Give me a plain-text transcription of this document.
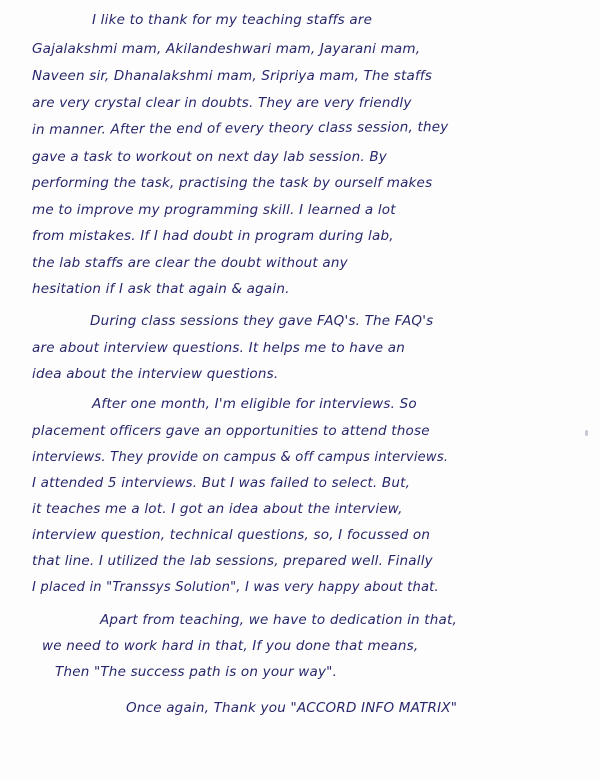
I like to thank for my teaching staffs are
Gajalakshmi mam, Akilandeshwari mam, Jayarani mam,
Naveen sir, Dhanalakshmi mam, Sripriya mam, The staffs
are very crystal clear in doubts. They are very friendly
in manner. After the end of every theory class session, they
gave a task to workout on next day lab session. By
performing the task, practising the task by ourself makes
me to improve my programming skill. I learned a lot
from mistakes. If I had doubt in program during lab,
the lab staffs are clear the doubt without any
hesitation if I ask that again & again.
During class sessions they gave FAQ's. The FAQ's
are about interview questions. It helps me to have an
idea about the interview questions.
After one month, I'm eligible for interviews. So
placement officers gave an opportunities to attend those
interviews. They provide on campus & off campus interviews.
I attended 5 interviews. But I was failed to select. But,
it teaches me a lot. I got an idea about the interview,
interview question, technical questions, so, I focussed on
that line. I utilized the lab sessions, prepared well. Finally
I placed in "Transsys Solution", I was very happy about that.
Apart from teaching, we have to dedication in that,
we need to work hard in that, If you done that means,
Then "The success path is on your way".
Once again, Thank you "ACCORD INFO MATRIX"
